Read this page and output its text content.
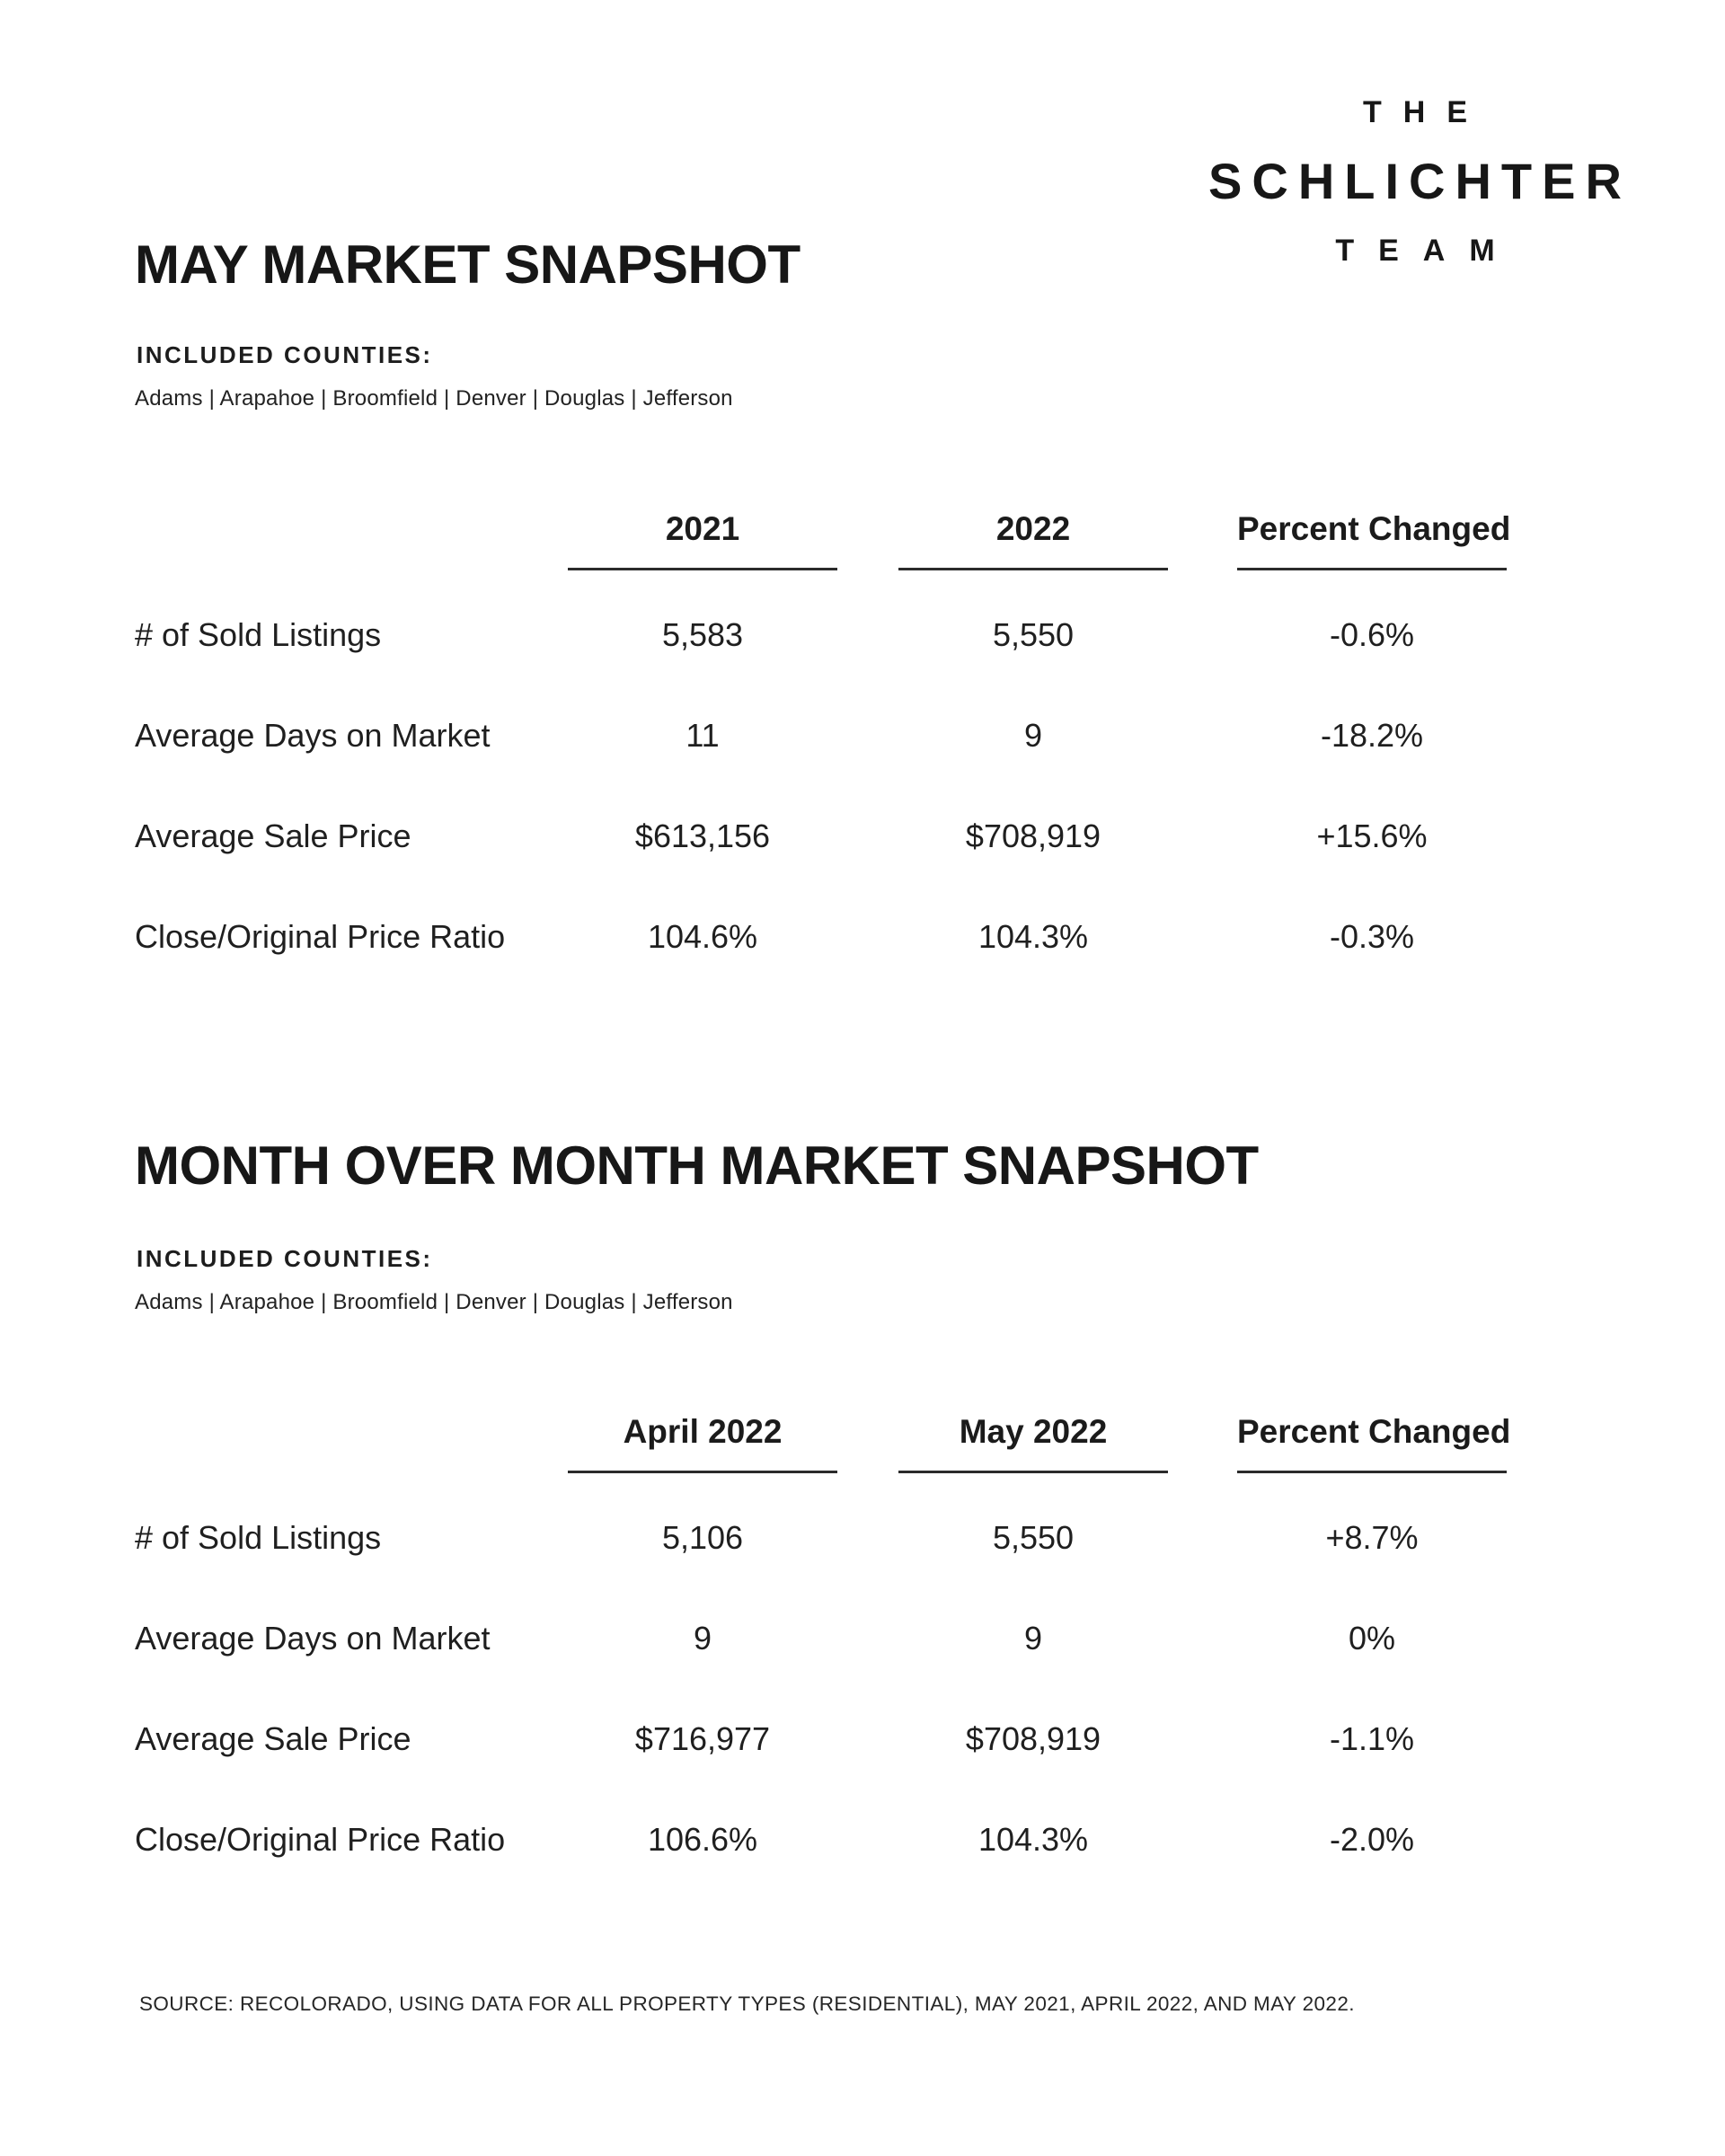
THE
SCHLICHTER
TEAM
MAY MARKET SNAPSHOT
INCLUDED COUNTIES:
Adams | Arapahoe | Broomfield | Denver | Douglas | Jefferson
2021	2022	Percent Changed
# of Sold Listings	5,583	5,550	-0.6%
Average Days on Market	11	9	-18.2%
Average Sale Price	$613,156	$708,919	+15.6%
Close/Original Price Ratio	104.6%	104.3%	-0.3%
MONTH OVER MONTH MARKET SNAPSHOT
INCLUDED COUNTIES:
Adams | Arapahoe | Broomfield | Denver | Douglas | Jefferson
April 2022	May 2022	Percent Changed
# of Sold Listings	5,106	5,550	+8.7%
Average Days on Market	9	9	0%
Average Sale Price	$716,977	$708,919	-1.1%
Close/Original Price Ratio	106.6%	104.3%	-2.0%
SOURCE: RECOLORADO, USING DATA FOR ALL PROPERTY TYPES (RESIDENTIAL), MAY 2021, APRIL 2022, AND MAY 2022.
